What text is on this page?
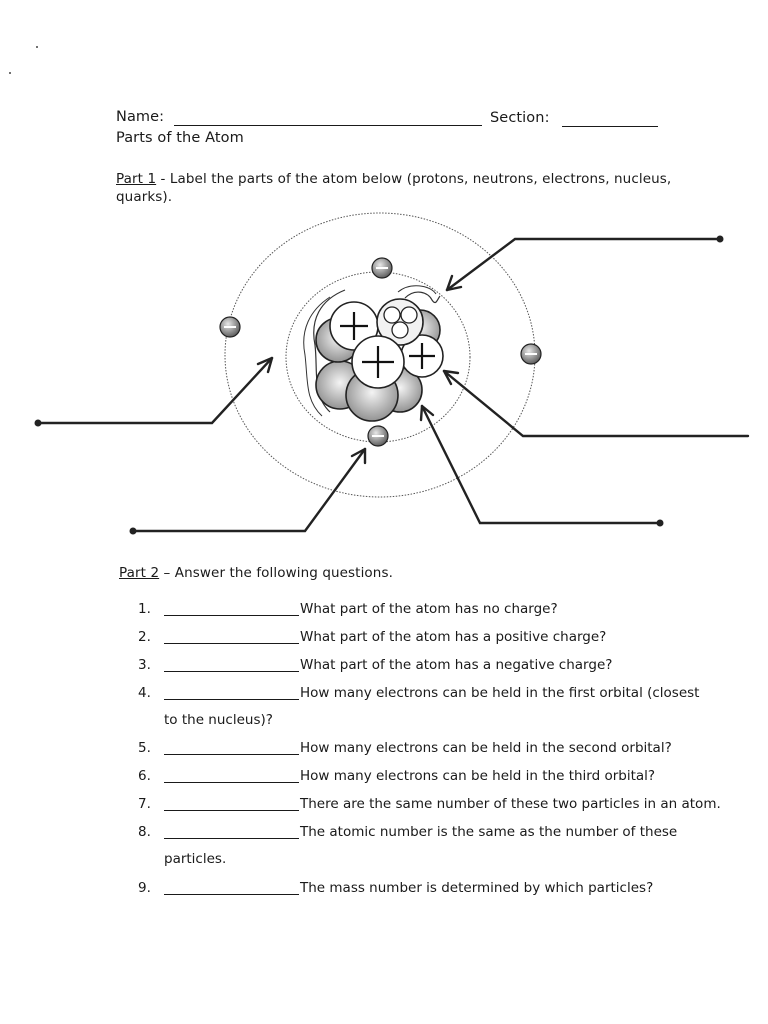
Name:	Section:
Parts of the Atom
Part 1 - Label the parts of the atom below (protons, neutrons, electrons, nucleus,
quarks).
Part 2 – Answer the following questions.
1.	What part of the atom has no charge?
2.	What part of the atom has a positive charge?
3.	What part of the atom has a negative charge?
4.	How many electrons can be held in the first orbital (closest
to the nucleus)?
5.	How many electrons can be held in the second orbital?
6.	How many electrons can be held in the third orbital?
7.	There are the same number of these two particles in an atom.
8.	The atomic number is the same as the number of these
particles.
9.	The mass number is determined by which particles?
